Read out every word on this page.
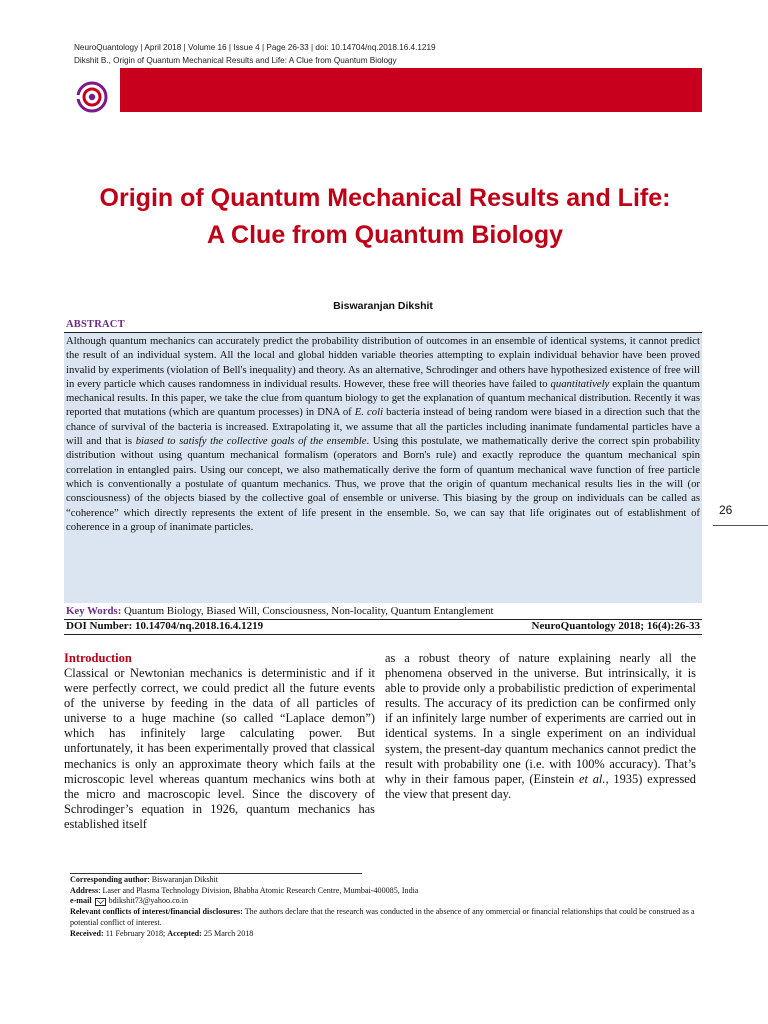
NeuroQuantology | April 2018 | Volume 16 | Issue 4 | Page 26-33 | doi: 10.14704/nq.2018.16.4.1219
Dikshit B., Origin of Quantum Mechanical Results and Life: A Clue from Quantum Biology
Origin of Quantum Mechanical Results and Life:
A Clue from Quantum Biology
Biswaranjan Dikshit
ABSTRACT
Although quantum mechanics can accurately predict the probability distribution of outcomes in an ensemble of identical systems, it cannot predict the result of an individual system. All the local and global hidden variable theories attempting to explain individual behavior have been proved invalid by experiments (violation of Bell's inequality) and theory. As an alternative, Schrodinger and others have hypothesized existence of free will in every particle which causes randomness in individual results. However, these free will theories have failed to quantitatively explain the quantum mechanical results. In this paper, we take the clue from quantum biology to get the explanation of quantum mechanical distribution. Recently it was reported that mutations (which are quantum processes) in DNA of E. coli bacteria instead of being random were biased in a direction such that the chance of survival of the bacteria is increased. Extrapolating it, we assume that all the particles including inanimate fundamental particles have a will and that is biased to satisfy the collective goals of the ensemble. Using this postulate, we mathematically derive the correct spin probability distribution without using quantum mechanical formalism (operators and Born's rule) and exactly reproduce the quantum mechanical spin correlation in entangled pairs. Using our concept, we also mathematically derive the form of quantum mechanical wave function of free particle which is conventionally a postulate of quantum mechanics. Thus, we prove that the origin of quantum mechanical results lies in the will (or consciousness) of the objects biased by the collective goal of ensemble or universe. This biasing by the group on individuals can be called as “coherence” which directly represents the extent of life present in the ensemble. So, we can say that life originates out of establishment of coherence in a group of inanimate particles.
Key Words: Quantum Biology, Biased Will, Consciousness, Non-locality, Quantum Entanglement
DOI Number: 10.14704/nq.2018.16.4.1219	NeuroQuantology 2018; 16(4):26-33
26
Introduction
Classical or Newtonian mechanics is deterministic and if it were perfectly correct, we could predict all the future events of the universe by feeding in the data of all particles of universe to a huge machine (so called “Laplace demon”) which has infinitely large calculating power. But unfortunately, it has been experimentally proved that classical mechanics is only an approximate theory which fails at the microscopic level whereas quantum mechanics wins both at the micro and macroscopic level. Since the discovery of Schrodinger’s equation in 1926, quantum mechanics has established itself
as a robust theory of nature explaining nearly all the phenomena observed in the universe. But intrinsically, it is able to provide only a probabilistic prediction of experimental results. The accuracy of its prediction can be confirmed only if an infinitely large number of experiments are carried out in identical systems. In a single experiment on an individual system, the present-day quantum mechanics cannot predict the result with probability one (i.e. with 100% accuracy). That’s why in their famous paper, (Einstein et al., 1935) expressed the view that present day.
Corresponding author: Biswaranjan Dikshit
Address: Laser and Plasma Technology Division, Bhabha Atomic Research Centre, Mumbai-400085, India
e-mail  bdikshit73@yahoo.co.in
Relevant conflicts of interest/financial disclosures: The authors declare that the research was conducted in the absence of any ommercial or financial relationships that could be construed as a potential conflict of interest.
Received: 11 February 2018; Accepted: 25 March 2018
